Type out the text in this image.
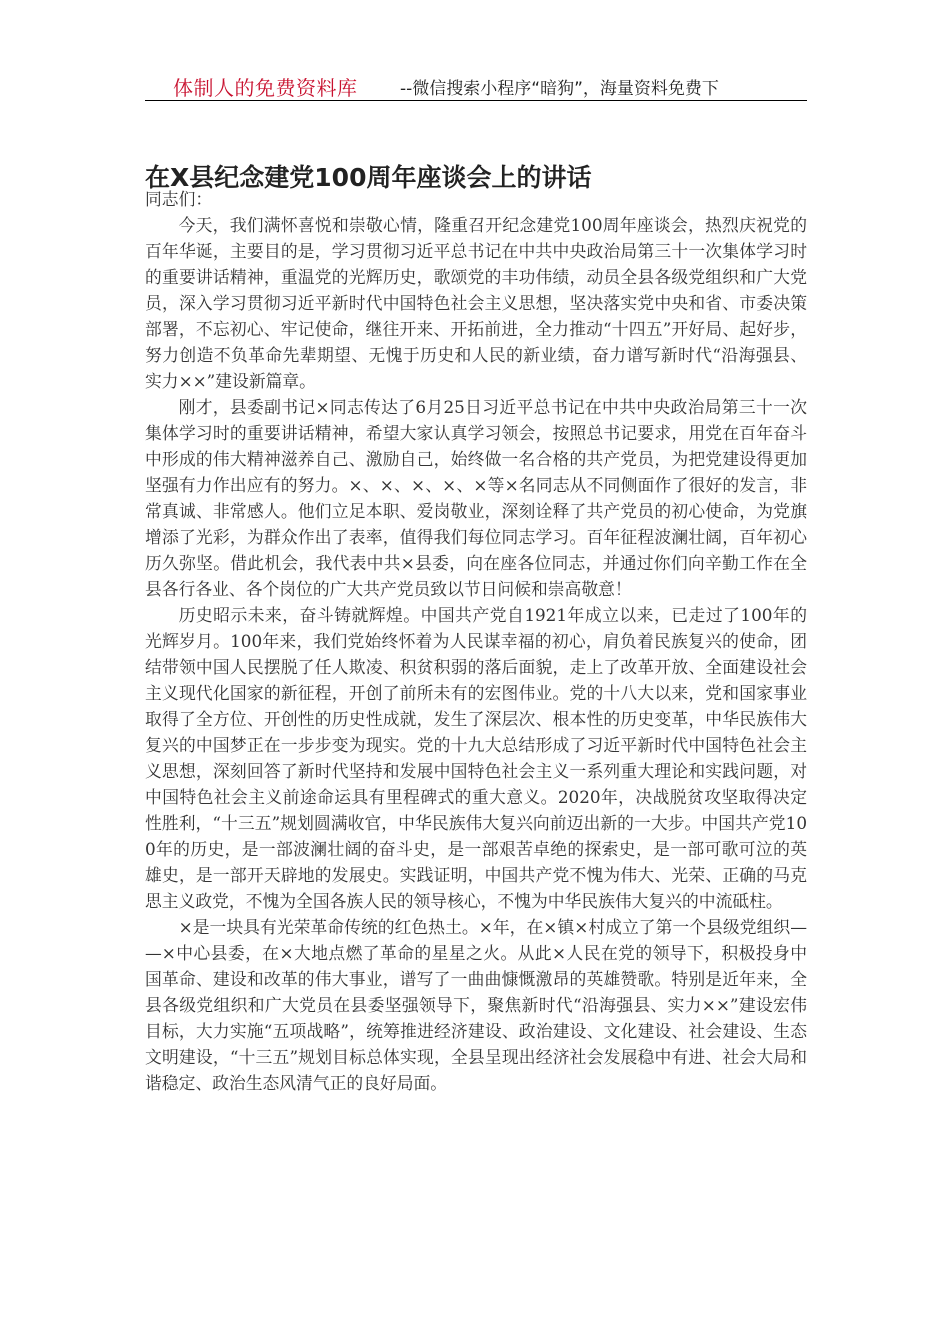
体制人的免费资料库	--微信搜索小程序“暗狗”，海量资料免费下
在X县纪念建党100周年座谈会上的讲话

同志们：

今天，我们满怀喜悦和崇敬心情，隆重召开纪念建党100周年座谈会，热烈庆祝党的百年华诞，主要目的是，学习贯彻习近平总书记在中共中央政治局第三十一次集体学习时的重要讲话精神，重温党的光辉历史，歌颂党的丰功伟绩，动员全县各级党组织和广大党员，深入学习贯彻习近平新时代中国特色社会主义思想，坚决落实党中央和省、市委决策部署，不忘初心、牢记使命，继往开来、开拓前进，全力推动“十四五”开好局、起好步，努力创造不负革命先辈期望、无愧于历史和人民的新业绩，奋力谱写新时代“沿海强县、实力××”建设新篇章。

刚才，县委副书记×同志传达了6月25日习近平总书记在中共中央政治局第三十一次集体学习时的重要讲话精神，希望大家认真学习领会，按照总书记要求，用党在百年奋斗中形成的伟大精神滋养自己、激励自己，始终做一名合格的共产党员，为把党建设得更加坚强有力作出应有的努力。×、×、×、×、×等×名同志从不同侧面作了很好的发言，非常真诚、非常感人。他们立足本职、爱岗敬业，深刻诠释了共产党员的初心使命，为党旗增添了光彩，为群众作出了表率，值得我们每位同志学习。百年征程波澜壮阔，百年初心历久弥坚。借此机会，我代表中共×县委，向在座各位同志，并通过你们向辛勤工作在全县各行各业、各个岗位的广大共产党员致以节日问候和崇高敬意！

历史昭示未来，奋斗铸就辉煌。中国共产党自1921年成立以来，已走过了100年的光辉岁月。100年来，我们党始终怀着为人民谋幸福的初心，肩负着民族复兴的使命，团结带领中国人民摆脱了任人欺凌、积贫积弱的落后面貌，走上了改革开放、全面建设社会主义现代化国家的新征程，开创了前所未有的宏图伟业。党的十八大以来，党和国家事业取得了全方位、开创性的历史性成就，发生了深层次、根本性的历史变革，中华民族伟大复兴的中国梦正在一步步变为现实。党的十九大总结形成了习近平新时代中国特色社会主义思想，深刻回答了新时代坚持和发展中国特色社会主义一系列重大理论和实践问题，对中国特色社会主义前途命运具有里程碑式的重大意义。2020年，决战脱贫攻坚取得决定性胜利，“十三五”规划圆满收官，中华民族伟大复兴向前迈出新的一大步。中国共产党100年的历史，是一部波澜壮阔的奋斗史，是一部艰苦卓绝的探索史，是一部可歌可泣的英雄史，是一部开天辟地的发展史。实践证明，中国共产党不愧为伟大、光荣、正确的马克思主义政党，不愧为全国各族人民的领导核心，不愧为中华民族伟大复兴的中流砥柱。

×是一块具有光荣革命传统的红色热土。×年，在×镇×村成立了第一个县级党组织——×中心县委，在×大地点燃了革命的星星之火。从此×人民在党的领导下，积极投身中国革命、建设和改革的伟大事业，谱写了一曲曲慷慨激昂的英雄赞歌。特别是近年来，全县各级党组织和广大党员在县委坚强领导下，聚焦新时代“沿海强县、实力××”建设宏伟目标，大力实施“五项战略”，统筹推进经济建设、政治建设、文化建设、社会建设、生态文明建设，“十三五”规划目标总体实现，全县呈现出经济社会发展稳中有进、社会大局和谐稳定、政治生态风清气正的良好局面。
